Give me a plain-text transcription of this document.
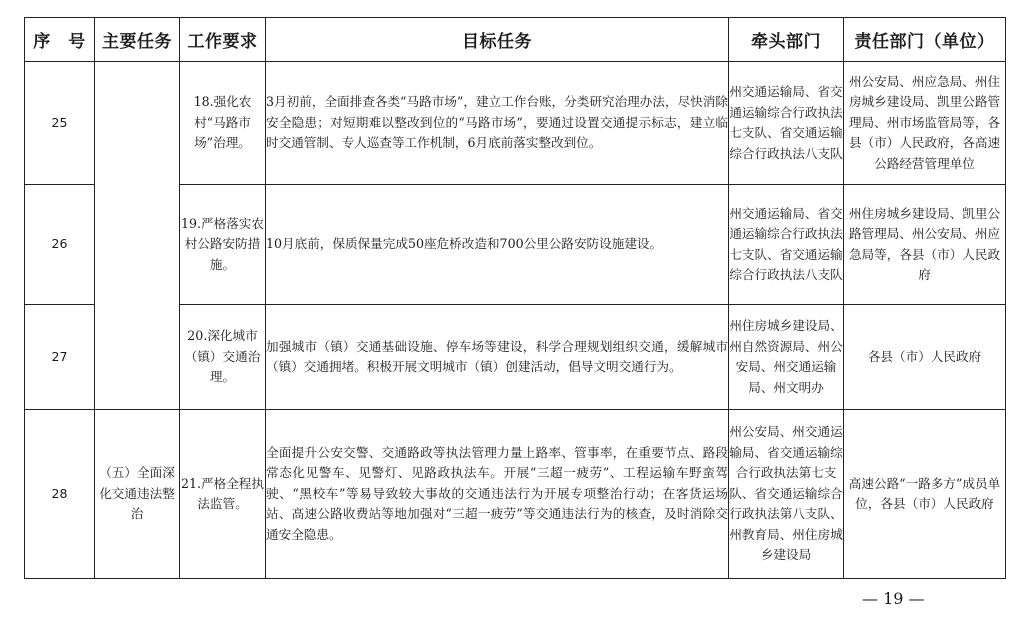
序　号	主要任务	工作要求	目标任务	牵头部门	责任部门（单位）
25		18.强化农村“马路市场”治理。	3月初前，全面排查各类“马路市场”，建立工作台账，分类研究治理办法，尽快消除安全隐患；对短期难以整改到位的“马路市场”，要通过设置交通提示标志，建立临时交通管制、专人巡查等工作机制，6月底前落实整改到位。	州交通运输局、省交通运输综合行政执法七支队、省交通运输综合行政执法八支队	州公安局、州应急局、州住房城乡建设局、凯里公路管理局、州市场监管局等，各县（市）人民政府，各高速公路经营管理单位
26		19.严格落实农村公路安防措施。	10月底前，保质保量完成50座危桥改造和700公里公路安防设施建设。	州交通运输局、省交通运输综合行政执法七支队、省交通运输综合行政执法八支队	州住房城乡建设局、凯里公路管理局、州公安局、州应急局等，各县（市）人民政府
27		20.深化城市（镇）交通治理。	加强城市（镇）交通基础设施、停车场等建设，科学合理规划组织交通，缓解城市（镇）交通拥堵。积极开展文明城市（镇）创建活动，倡导文明交通行为。	州住房城乡建设局、州自然资源局、州公安局、州交通运输局、州文明办	各县（市）人民政府
28	（五）全面深化交通违法整治	21.严格全程执法监管。	全面提升公安交警、交通路政等执法管理力量上路率、管事率，在重要节点、路段常态化见警车、见警灯、见路政执法车。开展“三超一疲劳”、工程运输车野蛮驾驶、“黑校车”等易导致较大事故的交通违法行为开展专项整治行动；在客货运场站、高速公路收费站等地加强对“三超一疲劳”等交通违法行为的核查，及时消除交通安全隐患。	州公安局、州交通运输局、省交通运输综合行政执法第七支队、省交通运输综合行政执法第八支队、州教育局、州住房城乡建设局	高速公路“一路多方”成员单位，各县（市）人民政府
— 19 —
